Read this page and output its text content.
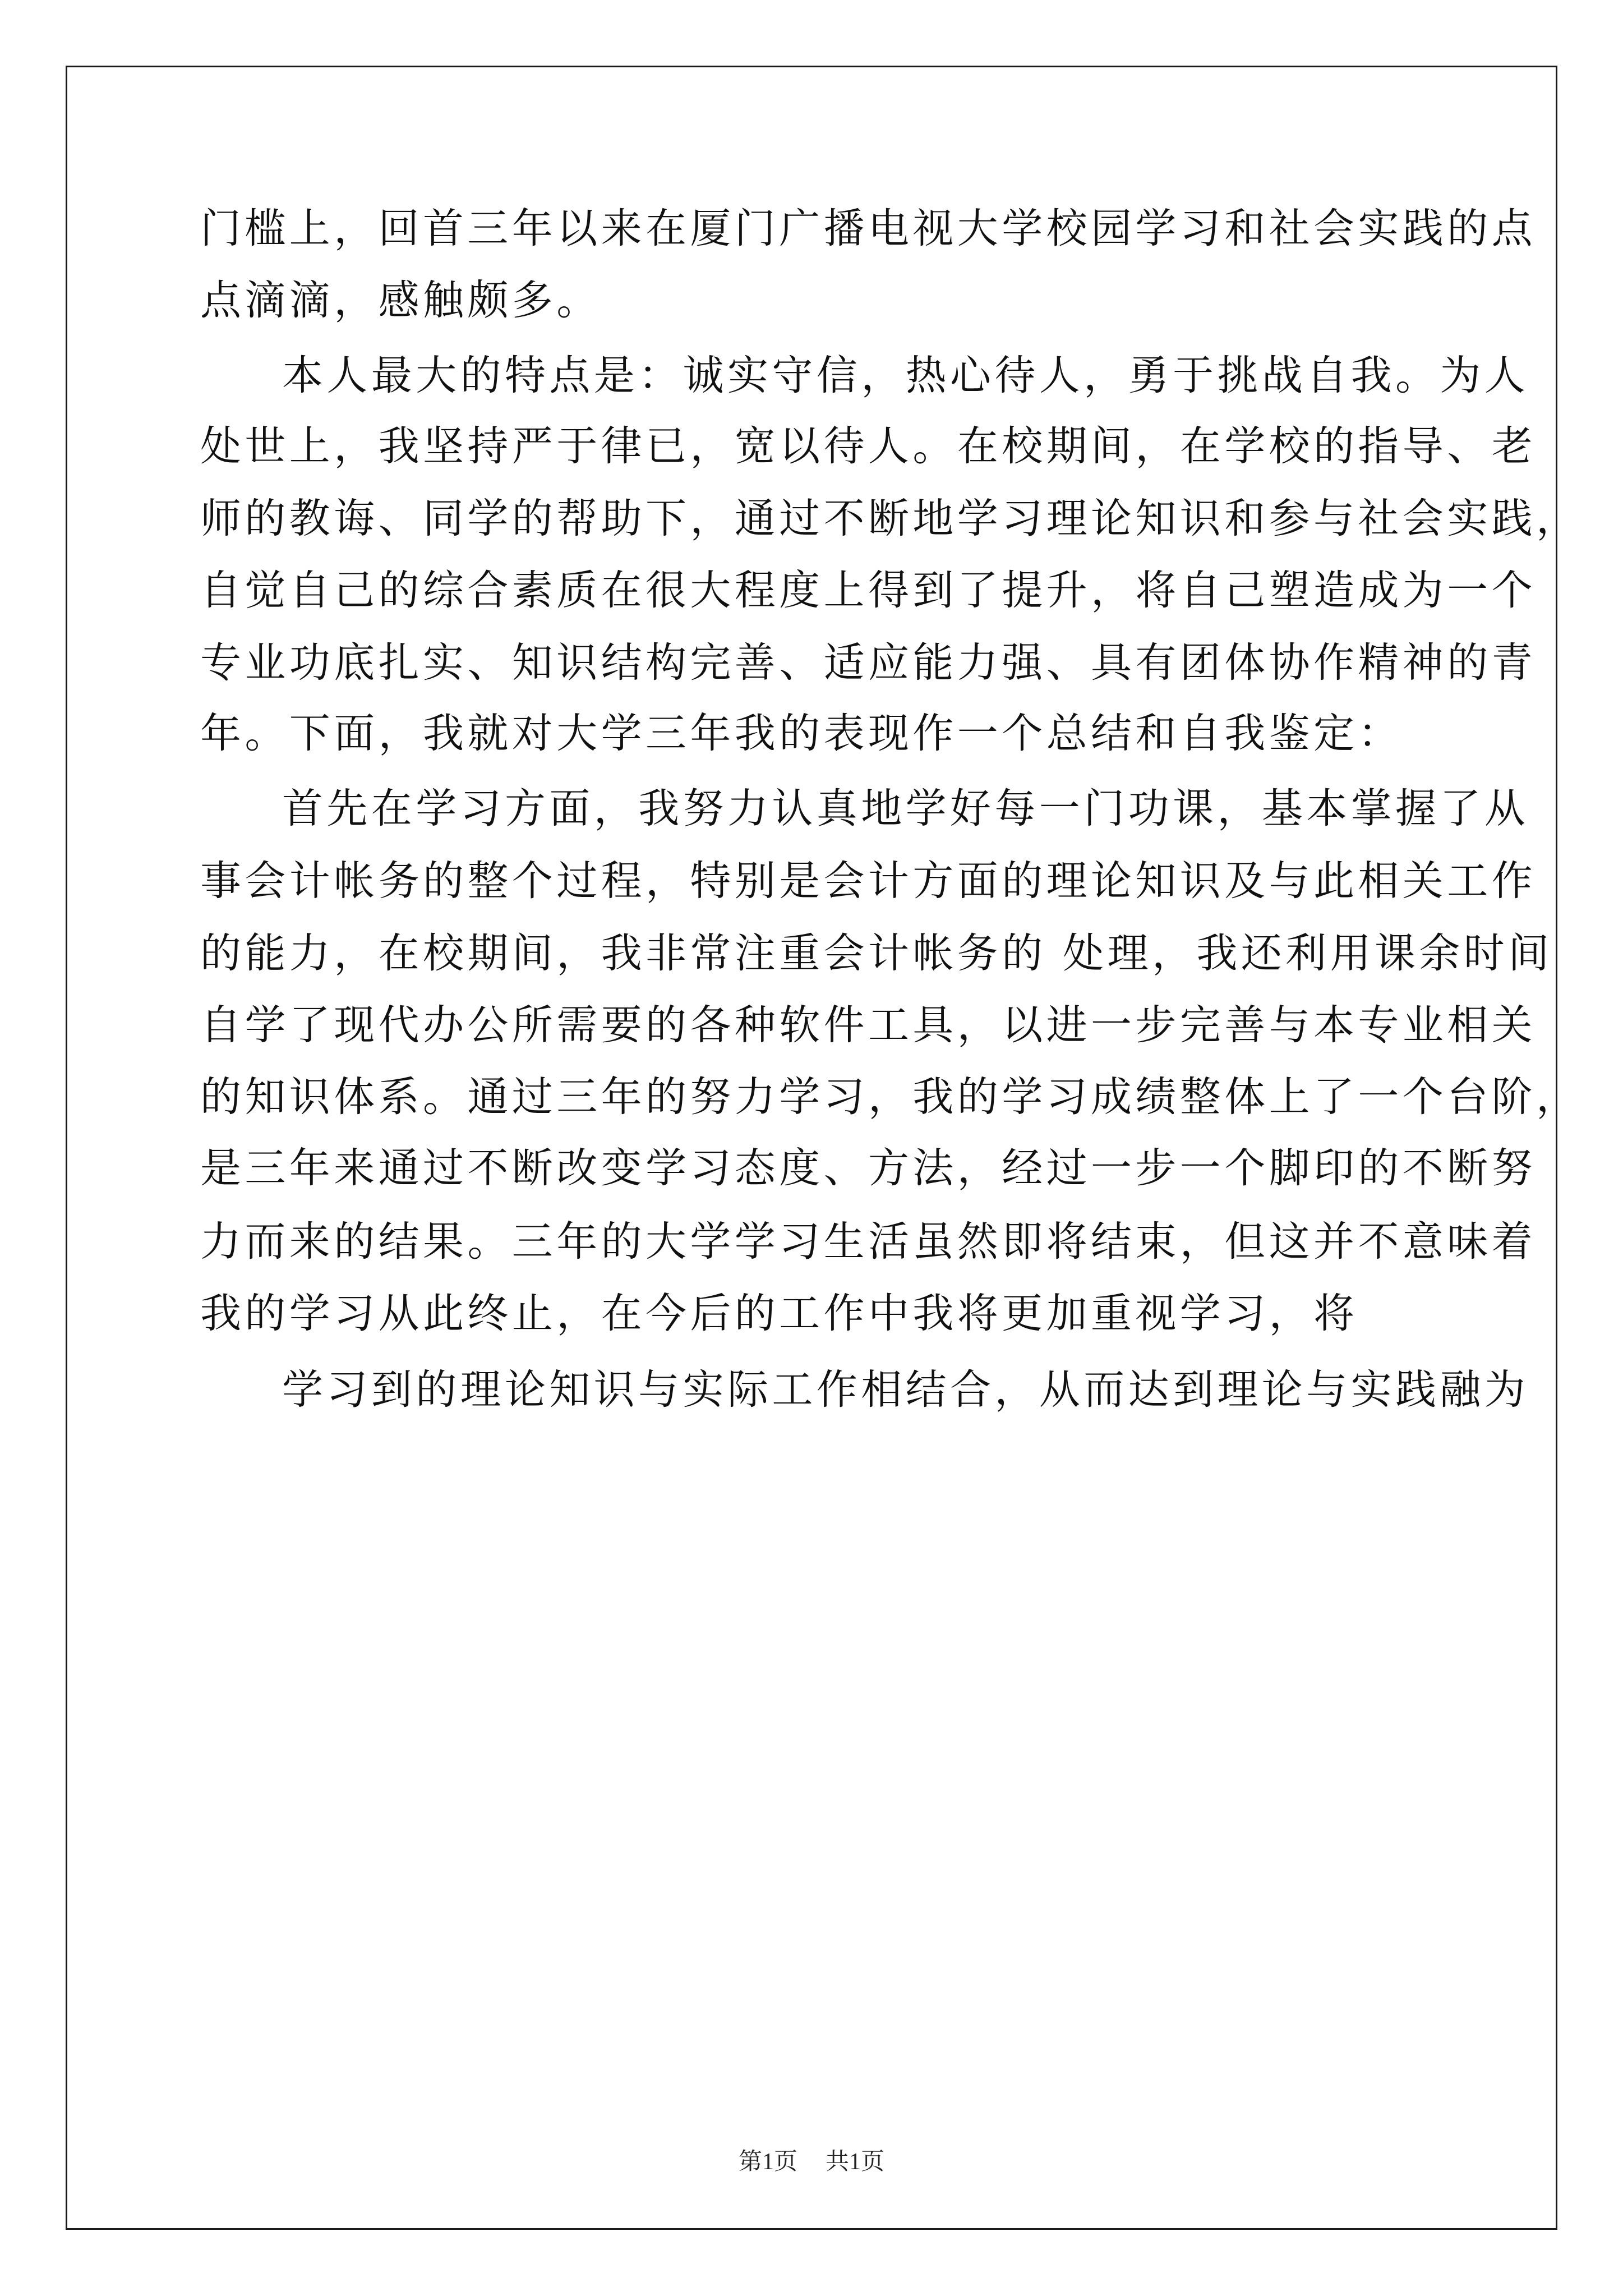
门槛上，回首三年以来在厦门广播电视大学校园学习和社会实践的点
点滴滴，感触颇多。
本人最大的特点是：诚实守信，热心待人，勇于挑战自我。为人
处世上，我坚持严于律已，宽以待人。在校期间，在学校的指导、老
师的教诲、同学的帮助下，通过不断地学习理论知识和参与社会实践，
自觉自己的综合素质在很大程度上得到了提升，将自己塑造成为一个
专业功底扎实、知识结构完善、适应能力强、具有团体协作精神的青
年。下面，我就对大学三年我的表现作一个总结和自我鉴定：
首先在学习方面，我努力认真地学好每一门功课，基本掌握了从
事会计帐务的整个过程，特别是会计方面的理论知识及与此相关工作
的能力，在校期间，我非常注重会计帐务的 处理，我还利用课余时间
自学了现代办公所需要的各种软件工具，以进一步完善与本专业相关
的知识体系。通过三年的努力学习，我的学习成绩整体上了一个台阶，
是三年来通过不断改变学习态度、方法，经过一步一个脚印的不断努
力而来的结果。三年的大学学习生活虽然即将结束，但这并不意味着
我的学习从此终止，在今后的工作中我将更加重视学习，将
学习到的理论知识与实际工作相结合，从而达到理论与实践融为
第1页 共1页
